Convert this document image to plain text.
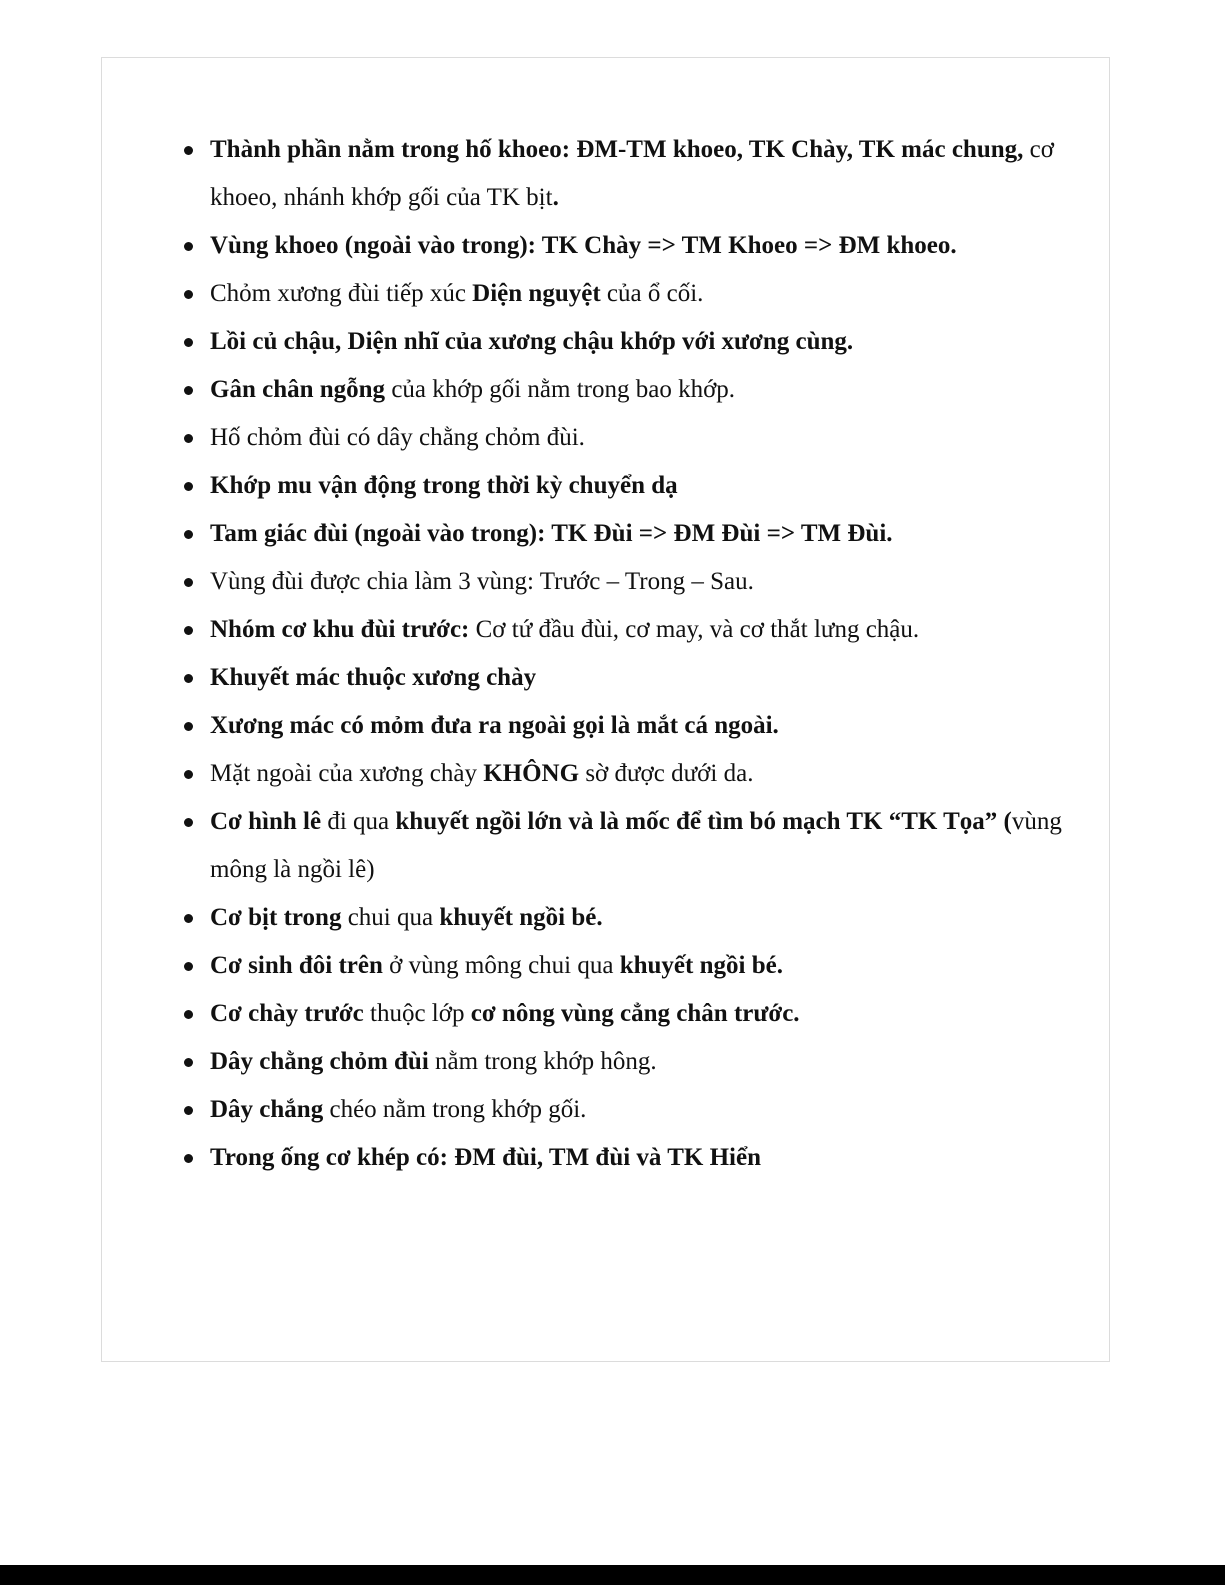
Thành phần nằm trong hố khoeo: ĐM-TM khoeo, TK Chày, TK mác chung, cơ khoeo, nhánh khớp gối của TK bịt.
Vùng khoeo (ngoài vào trong): TK Chày => TM Khoeo => ĐM khoeo.
Chỏm xương đùi tiếp xúc Diện nguyệt của ổ cối.
Lồi củ chậu, Diện nhĩ của xương chậu khớp với xương cùng.
Gân chân ngỗng của khớp gối nằm trong bao khớp.
Hố chỏm đùi có dây chằng chỏm đùi.
Khớp mu vận động trong thời kỳ chuyển dạ
Tam giác đùi (ngoài vào trong): TK Đùi => ĐM Đùi => TM Đùi.
Vùng đùi được chia làm 3 vùng: Trước – Trong – Sau.
Nhóm cơ khu đùi trước: Cơ tứ đầu đùi, cơ may, và cơ thắt lưng chậu.
Khuyết mác thuộc xương chày
Xương mác có mỏm đưa ra ngoài gọi là mắt cá ngoài.
Mặt ngoài của xương chày KHÔNG sờ được dưới da.
Cơ hình lê đi qua khuyết ngồi lớn và là mốc để tìm bó mạch TK “TK Tọa” (vùng mông là ngồi lê)
Cơ bịt trong chui qua khuyết ngồi bé.
Cơ sinh đôi trên ở vùng mông chui qua khuyết ngồi bé.
Cơ chày trước thuộc lớp cơ nông vùng cẳng chân trước.
Dây chằng chỏm đùi nằm trong khớp hông.
Dây chắng chéo nằm trong khớp gối.
Trong ống cơ khép có: ĐM đùi, TM đùi và TK Hiển
